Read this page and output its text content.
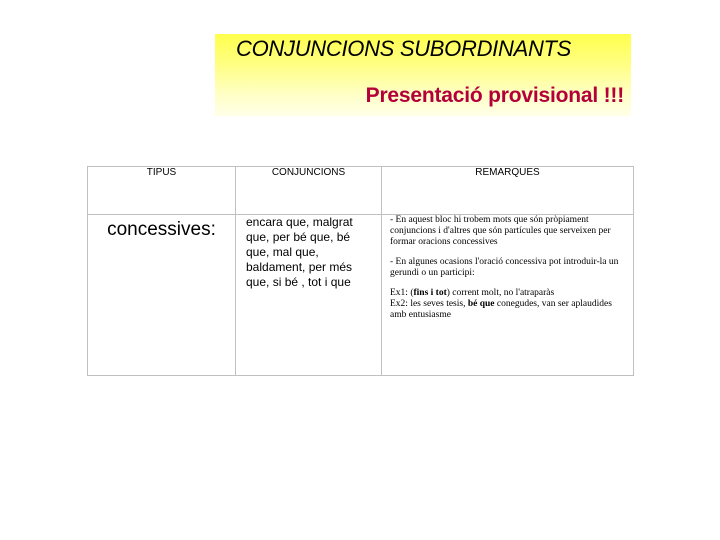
CONJUNCIONS SUBORDINANTS
Presentació provisional !!!
TIPUS	CONJUNCIONS	REMARQUES
concessives:	encara que, malgrat que, per bé que, bé que, mal que, baldament, per més que, si bé , tot i que	- En aquest bloc hi trobem mots que són pròpiament conjuncions i d'altres que són partícules que serveixen per formar oracions concessives

- En algunes ocasions l'oració concessiva pot introduir-la un gerundi o un participi:

Ex1: (fins i tot) corrent molt, no l'atraparàs

Ex2: les seves tesis, bé que conegudes, van ser aplaudides amb entusiasme
